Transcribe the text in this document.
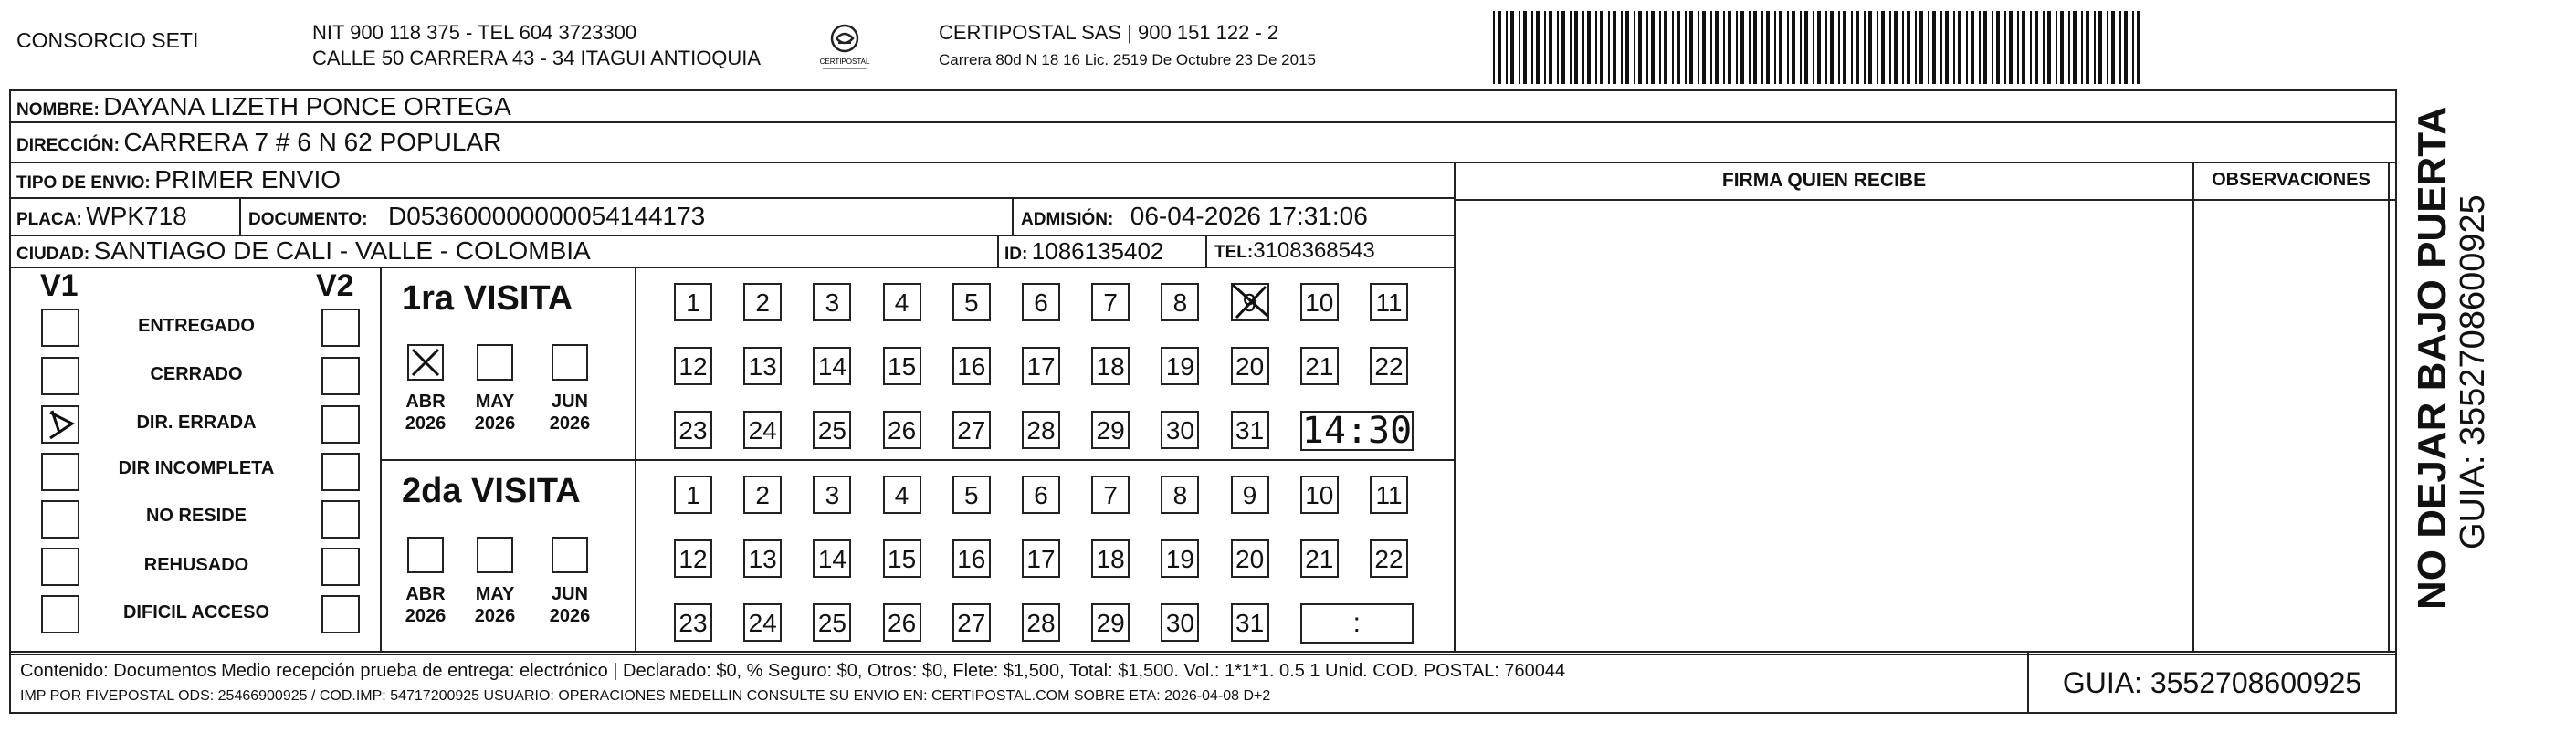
CONSORCIO SETI	NIT 900 118 375 - TEL 604 3723300
CALLE 50 CARRERA 43 - 34 ITAGUI ANTIOQUIA	CERTIPOSTAL
CERTIPOSTAL SAS | 900 151 122 - 2
Carrera 80d N 18 16 Lic. 2519 De Octubre 23 De 2015
NOMBRE: DAYANA LIZETH PONCE ORTEGA
DIRECCIÓN: CARRERA 7 # 6 N 62 POPULAR
TIPO DE ENVIO: PRIMER ENVIO
PLACA: WPK718	DOCUMENTO: D053600000000054144173	ADMISIÓN: 06-04-2026 17:31:06
CIUDAD: SANTIAGO DE CALI - VALLE - COLOMBIA	ID: 1086135402	TEL:3108368543
FIRMA QUIEN RECIBE	OBSERVACIONES
V1	V2
ENTREGADO
CERRADO
DIR. ERRADA
DIR INCOMPLETA
NO RESIDE
REHUSADO
DIFICIL ACCESO
1ra VISITA
ABR
2026
MAY
2026
JUN
2026
1	2	3	4	5	6	7	8	9	10 11
12 13 14 15 16 17 18 19 20 21 22
23 24 25 26 27 28 29 30 31 14:30
2da VISITA
ABR
2026
MAY
2026
JUN
2026
1	2	3	4	5	6	7	8	9	10 11
12 13 14 15 16 17 18 19 20 21 22
23 24 25 26 27 28 29 30 31	:
Contenido: Documentos Medio recepción prueba de entrega: electrónico | Declarado: $0, % Seguro: $0, Otros: $0, Flete: $1,500, Total: $1,500. Vol.: 1*1*1. 0.5 1 Unid. COD. POSTAL: 760044
IMP POR FIVEPOSTAL ODS: 25466900925 / COD.IMP: 54717200925 USUARIO: OPERACIONES MEDELLIN CONSULTE SU ENVIO EN: CERTIPOSTAL.COM SOBRE ETA: 2026-04-08 D+2	GUIA: 3552708600925
NO DEJAR BAJO PUERTA GUIA: 3552708600925
